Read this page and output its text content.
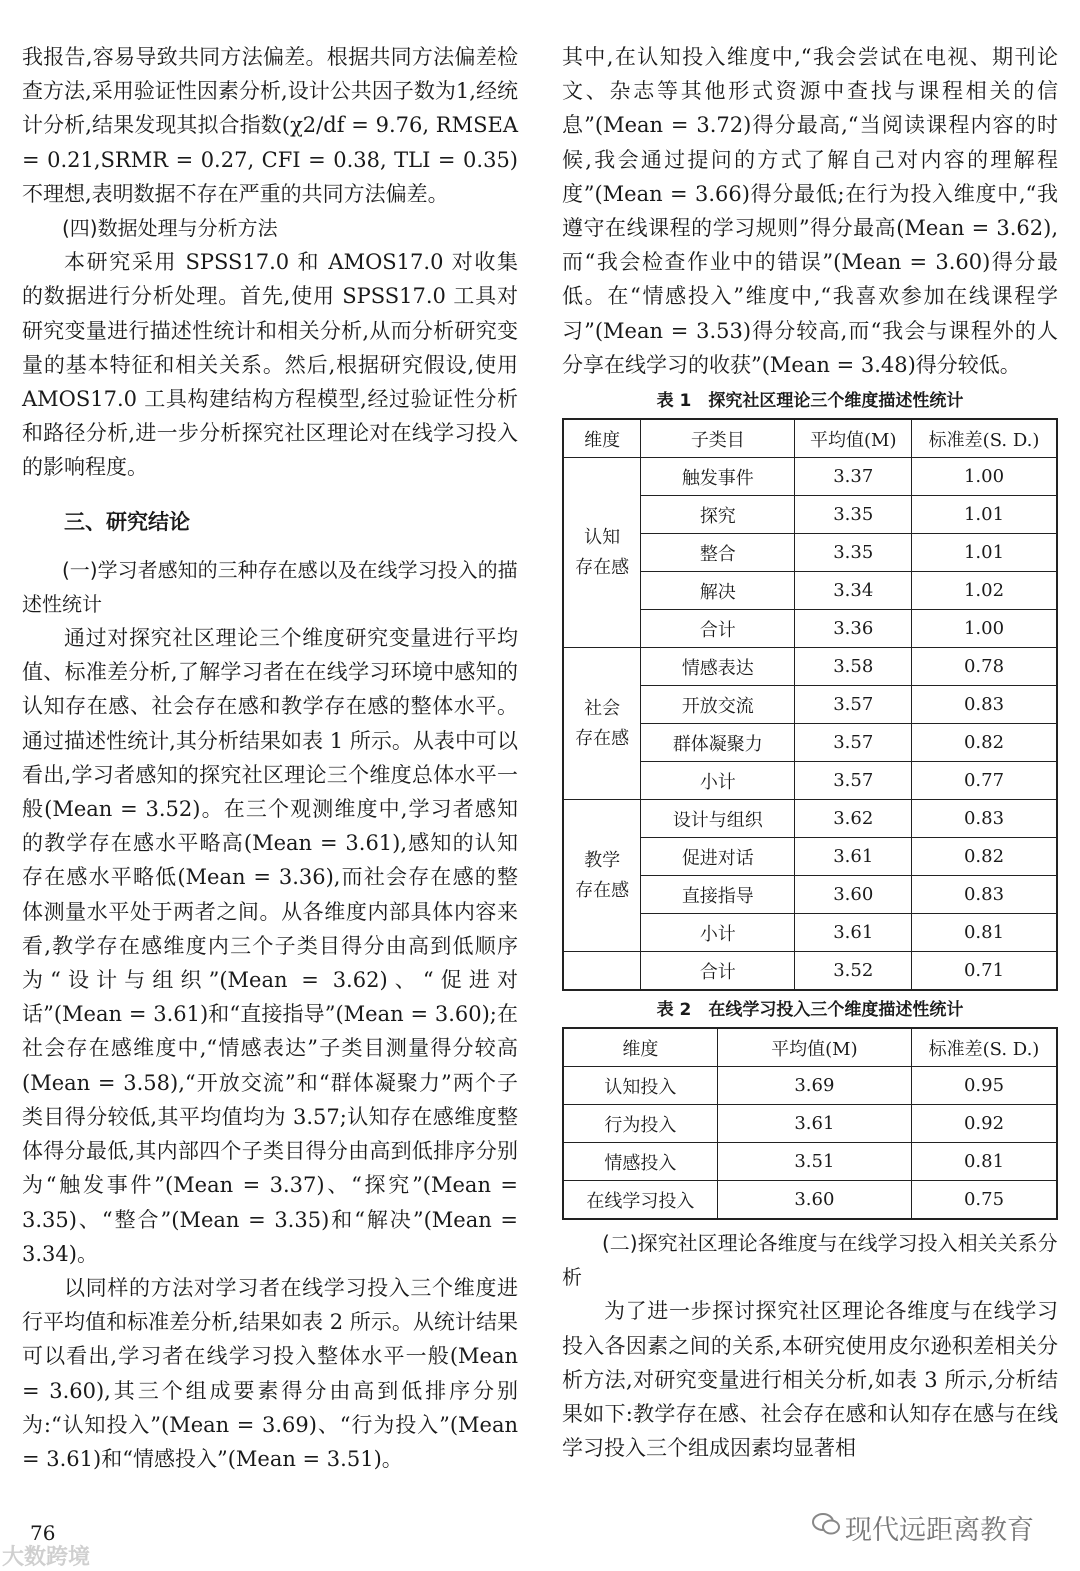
我报告,容易导致共同方法偏差。根据共同方法偏差检查方法,采用验证性因素分析,设计公共因子数为1,经统计分析,结果发现其拟合指数(χ2/df = 9.76, RMSEA = 0.21,SRMR = 0.27, CFI = 0.38, TLI = 0.35)不理想,表明数据不存在严重的共同方法偏差。

(四)数据处理与分析方法

本研究采用 SPSS17.0 和 AMOS17.0 对收集的数据进行分析处理。首先,使用 SPSS17.0 工具对研究变量进行描述性统计和相关分析,从而分析研究变量的基本特征和相关关系。然后,根据研究假设,使用AMOS17.0 工具构建结构方程模型,经过验证性分析和路径分析,进一步分析探究社区理论对在线学习投入的影响程度。

三、研究结论

(一)学习者感知的三种存在感以及在线学习投入的描述性统计

通过对探究社区理论三个维度研究变量进行平均值、标准差分析,了解学习者在在线学习环境中感知的认知存在感、社会存在感和教学存在感的整体水平。通过描述性统计,其分析结果如表 1 所示。从表中可以看出,学习者感知的探究社区理论三个维度总体水平一般(Mean = 3.52)。在三个观测维度中,学习者感知的教学存在感水平略高(Mean = 3.61),感知的认知存在感水平略低(Mean = 3.36),而社会存在感的整体测量水平处于两者之间。从各维度内部具体内容来看,教学存在感维度内三个子类目得分由高到低顺序为“设计与组织”(Mean = 3.62)、“促进对话”(Mean = 3.61)和“直接指导”(Mean = 3.60);在社会存在感维度中,“情感表达”子类目测量得分较高(Mean = 3.58),“开放交流”和“群体凝聚力”两个子类目得分较低,其平均值均为 3.57;认知存在感维度整体得分最低,其内部四个子类目得分由高到低排序分别为“触发事件”(Mean = 3.37)、“探究”(Mean = 3.35)、“整合”(Mean = 3.35)和“解决”(Mean = 3.34)。

以同样的方法对学习者在线学习投入三个维度进行平均值和标准差分析,结果如表 2 所示。从统计结果可以看出,学习者在线学习投入整体水平一般(Mean = 3.60),其三个组成要素得分由高到低排序分别为:“认知投入”(Mean = 3.69)、“行为投入”(Mean = 3.61)和“情感投入”(Mean = 3.51)。

其中,在认知投入维度中,“我会尝试在电视、期刊论文、杂志等其他形式资源中查找与课程相关的信息”(Mean = 3.72)得分最高,“当阅读课程内容的时候,我会通过提问的方式了解自己对内容的理解程度”(Mean = 3.66)得分最低;在行为投入维度中,“我遵守在线课程的学习规则”得分最高(Mean = 3.62),而“我会检查作业中的错误”(Mean = 3.60)得分最低。在“情感投入”维度中,“我喜欢参加在线课程学习”(Mean = 3.53)得分较高,而“我会与课程外的人分享在线学习的收获”(Mean = 3.48)得分较低。

表 1　探究社区理论三个维度描述性统计
维度	子类目	平均值(M)	标准差(S. D.)
认知
存在感	触发事件	3.37	1.00
	探究	3.35	1.01
	整合	3.35	1.01
	解决	3.34	1.02
	合计	3.36	1.00
社会
存在感	情感表达	3.58	0.78
	开放交流	3.57	0.83
	群体凝聚力	3.57	0.82
	小计	3.57	0.77
教学
存在感	设计与组织	3.62	0.83
	促进对话	3.61	0.82
	直接指导	3.60	0.83
	小计	3.61	0.81
	合计	3.52	0.71
表 2　在线学习投入三个维度描述性统计
维度	平均值(M)	标准差(S. D.)
认知投入	3.69	0.95
行为投入	3.61	0.92
情感投入	3.51	0.81
在线学习投入	3.60	0.75

(二)探究社区理论各维度与在线学习投入相关关系分析

为了进一步探讨探究社区理论各维度与在线学习投入各因素之间的关系,本研究使用皮尔逊积差相关分析方法,对研究变量进行相关分析,如表 3 所示,分析结果如下:教学存在感、社会存在感和认知存在感与在线学习投入三个组成因素均显著相

76
大数跨境
现代远距离教育
